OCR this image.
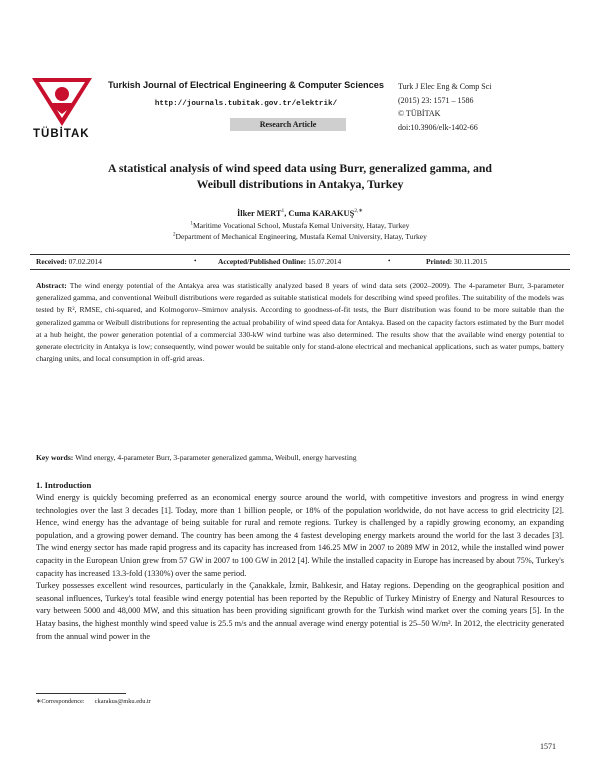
TÜBİTAK
Turkish Journal of Electrical Engineering & Computer Sciences
http://journals.tubitak.gov.tr/elektrik/
Research Article
Turk J Elec Eng & Comp Sci
(2015) 23: 1571 – 1586
© TÜBİTAK
doi:10.3906/elk-1402-66
A statistical analysis of wind speed data using Burr, generalized gamma, and
Weibull distributions in Antakya, Turkey
İlker MERT$^1$, Cuma $KARAKUŞ^{2,∗}$
$^1$Maritime Vocational School, Mustafa Kemal University, Hatay, Turkey
$^2$Department of Mechanical Engineering, Mustafa Kemal University, Hatay, Turkey
Received: 07.02.2014	•	Accepted/Published Online: 15.07.2014	•	Printed: 30.11.2015
Abstract: The wind energy potential of the Antakya area was statistically analyzed based 8 years of wind data sets (2002–2009). The 4-parameter Burr, 3-parameter generalized gamma, and conventional Weibull distributions were regarded as suitable statistical models for describing wind speed profiles. The suitability of the models was tested by R², RMSE, chi-squared, and Kolmogorov–Smirnov analysis. According to goodness-of-fit tests, the Burr distribution was found to be more suitable than the generalized gamma or Weibull distributions for representing the actual probability of wind speed data for Antakya. Based on the capacity factors estimated by the Burr model at a hub height, the power generation potential of a commercial 330-kW wind turbine was also determined. The results show that the available wind energy potential to generate electricity in Antakya is low; consequently, wind power would be suitable only for stand-alone electrical and mechanical applications, such as water pumps, battery charging units, and local consumption in off-grid areas.
Key words: Wind energy, 4-parameter Burr, 3-parameter generalized gamma, Weibull, energy harvesting
1. Introduction
Wind energy is quickly becoming preferred as an economical energy source around the world, with competitive investors and progress in wind energy technologies over the last 3 decades [1]. Today, more than 1 billion people, or 18% of the population worldwide, do not have access to grid electricity [2]. Hence, wind energy has the advantage of being suitable for rural and remote regions. Turkey is challenged by a rapidly growing economy, an expanding population, and a growing power demand. The country has been among the 4 fastest developing energy markets around the world for the last 3 decades [3]. The wind energy sector has made rapid progress and its capacity has increased from 146.25 MW in 2007 to 2089 MW in 2012, while the installed wind power capacity in the European Union grew from 57 GW in 2007 to 100 GW in 2012 [4]. While the installed capacity in Europe has increased by about 75%, Turkey's capacity has increased 13.3-fold (1330%) over the same period.
Turkey possesses excellent wind resources, particularly in the Çanakkale, İzmir, Balıkesir, and Hatay regions. Depending on the geographical position and seasonal influences, Turkey's total feasible wind energy potential has been reported by the Republic of Turkey Ministry of Energy and Natural Resources to vary between 5000 and 48,000 MW, and this situation has been providing significant growth for the Turkish wind market over the coming years [5]. In the Hatay basins, the highest monthly wind speed value is 25.5 m/s and the annual average wind energy potential is 25–50 W/m². In 2012, the electricity generated from the annual wind power in the
∗Correspondence: ckarakus@mku.edu.tr
1571
